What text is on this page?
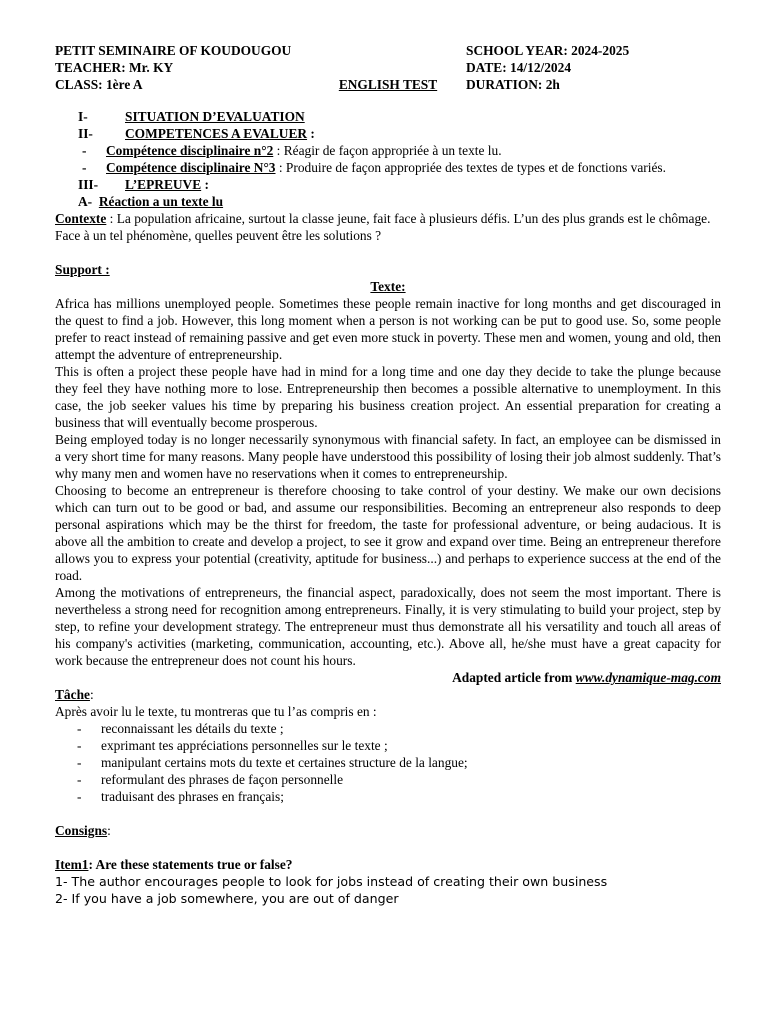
PETIT SEMINAIRE OF KOUDOUGOU
TEACHER: Mr. KY
CLASS: 1ère A
SCHOOL YEAR: 2024-2025
DATE: 14/12/2024
DURATION: 2h
ENGLISH TEST
I-	SITUATION D’EVALUATION
II-	COMPETENCES A EVALUER :
-	Compétence disciplinaire n°2 : Réagir de façon appropriée à un texte lu.
-	Compétence disciplinaire N°3 : Produire de façon appropriée des textes de types et de fonctions variés.
III-	L’EPREUVE :
A- Réaction a un texte lu
Contexte : La population africaine, surtout la classe jeune, fait face à plusieurs défis. L’un des plus grands est le chômage. Face à un tel phénomène, quelles peuvent être les solutions ?
Support :
Texte:
Africa has millions unemployed people. Sometimes these people remain inactive for long months and get discouraged in the quest to find a job. However, this long moment when a person is not working can be put to good use. So, some people prefer to react instead of remaining passive and get even more stuck in poverty. These men and women, young and old, then attempt the adventure of entrepreneurship.
This is often a project these people have had in mind for a long time and one day they decide to take the plunge because they feel they have nothing more to lose. Entrepreneurship then becomes a possible alternative to unemployment. In this case, the job seeker values his time by preparing his business creation project. An essential preparation for creating a business that will eventually become prosperous.
Being employed today is no longer necessarily synonymous with financial safety. In fact, an employee can be dismissed in a very short time for many reasons. Many people have understood this possibility of losing their job almost suddenly. That’s why many men and women have no reservations when it comes to entrepreneurship.
Choosing to become an entrepreneur is therefore choosing to take control of your destiny. We make our own decisions which can turn out to be good or bad, and assume our responsibilities. Becoming an entrepreneur also responds to deep personal aspirations which may be the thirst for freedom, the taste for professional adventure, or being audacious. It is above all the ambition to create and develop a project, to see it grow and expand over time. Being an entrepreneur therefore allows you to express your potential (creativity, aptitude for business...) and perhaps to experience success at the end of the road.
Among the motivations of entrepreneurs, the financial aspect, paradoxically, does not seem the most important. There is nevertheless a strong need for recognition among entrepreneurs. Finally, it is very stimulating to build your project, step by step, to refine your development strategy. The entrepreneur must thus demonstrate all his versatility and touch all areas of his company's activities (marketing, communication, accounting, etc.). Above all, he/she must have a great capacity for work because the entrepreneur does not count his hours.
Adapted article from www.dynamique-mag.com
Tâche:
Après avoir lu le texte, tu montreras que tu l’as compris en :
-	reconnaissant les détails du texte ;
-	exprimant tes appréciations personnelles sur le texte ;
-	manipulant certains mots du texte et certaines structure de la langue;
-	reformulant des phrases de façon personnelle
-	traduisant des phrases en français;
Consigns:
Item1: Are these statements true or false?
1- The author encourages people to look for jobs instead of creating their own business
2- If you have a job somewhere, you are out of danger
